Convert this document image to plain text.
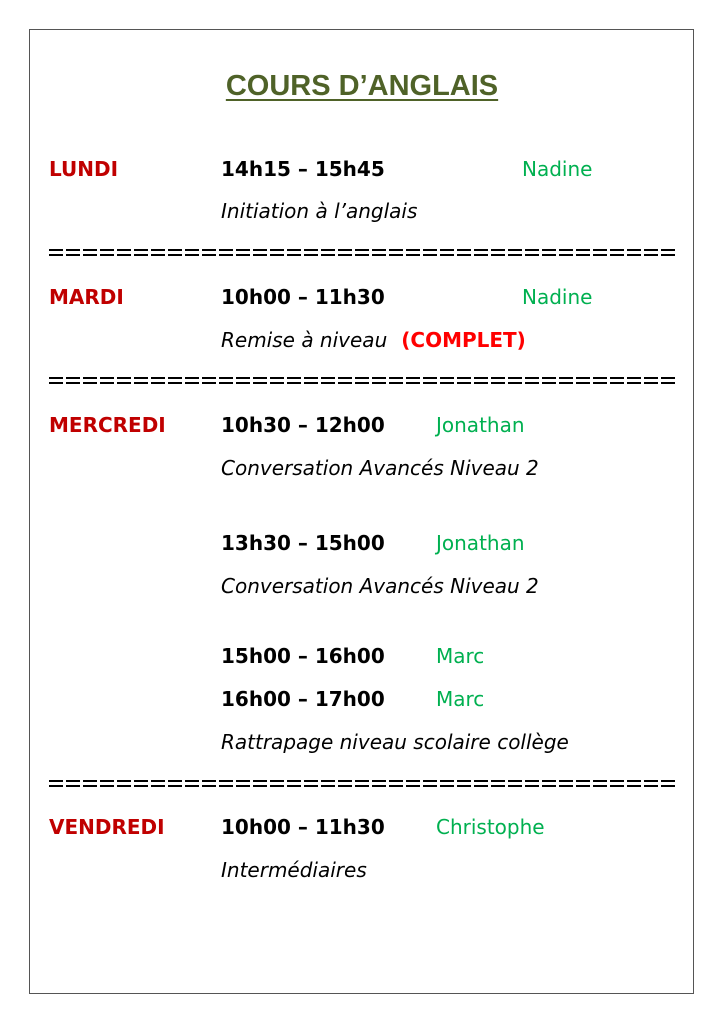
COURS D’ANGLAIS
LUNDI	14h15 – 15h45	Nadine
Initiation à l’anglais
MARDI	10h00 – 11h30	Nadine
Remise à niveau (COMPLET)
MERCREDI	10h30 – 12h00	Jonathan
Conversation Avancés Niveau 2
13h30 – 15h00	Jonathan
Conversation Avancés Niveau 2
15h00 – 16h00	Marc
16h00 – 17h00	Marc
Rattrapage niveau scolaire collège
VENDREDI	10h00 – 11h30	Christophe
Intermédiaires
